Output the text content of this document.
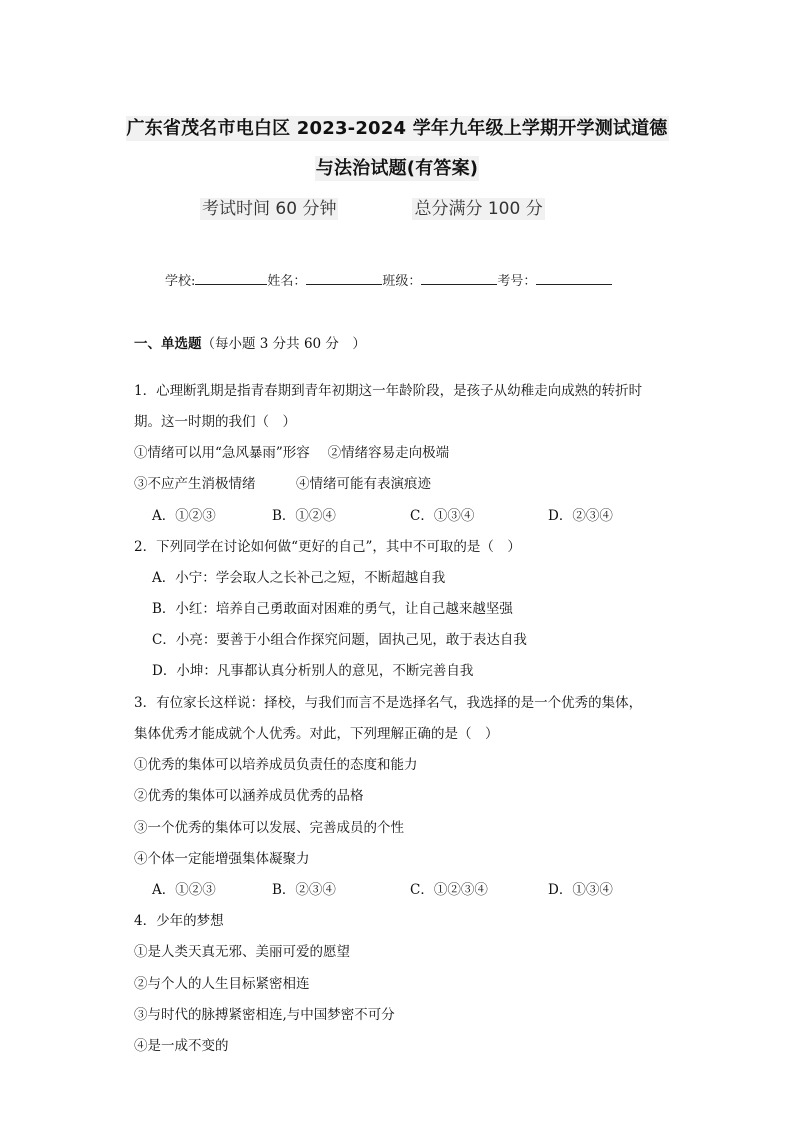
广东省茂名市电白区 2023-2024 学年九年级上学期开学测试道德
与法治试题(有答案)
考试时间 60 分钟	总分满分 100 分
学校:	姓名：	班级：	考号：
一、单选题（每小题 3 分共 60 分　）
1．心理断乳期是指青春期到青年初期这一年龄阶段，是孩子从幼稚走向成熟的转折时
期。这一时期的我们（　）
①情绪可以用“急风暴雨”形容　 ②情绪容易走向极端
③不应产生消极情绪　　　④情绪可能有表演痕迹
A．①②③	B．①②④	C．①③④	D．②③④
2．下列同学在讨论如何做“更好的自己”，其中不可取的是（　）
A．小宁：学会取人之长补己之短，不断超越自我
B．小红：培养自己勇敢面对困难的勇气，让自己越来越坚强
C．小亮：要善于小组合作探究问题，固执己见，敢于表达自我
D．小坤：凡事都认真分析别人的意见，不断完善自我
3．有位家长这样说：择校，与我们而言不是选择名气，我选择的是一个优秀的集体，
集体优秀才能成就个人优秀。对此，下列理解正确的是（　）
①优秀的集体可以培养成员负责任的态度和能力
②优秀的集体可以涵养成员优秀的品格
③一个优秀的集体可以发展、完善成员的个性
④个体一定能增强集体凝聚力
A．①②③	B．②③④	C．①②③④	D．①③④
4．少年的梦想
①是人类天真无邪、美丽可爱的愿望
②与个人的人生目标紧密相连
③与时代的脉搏紧密相连,与中国梦密不可分
④是一成不变的
